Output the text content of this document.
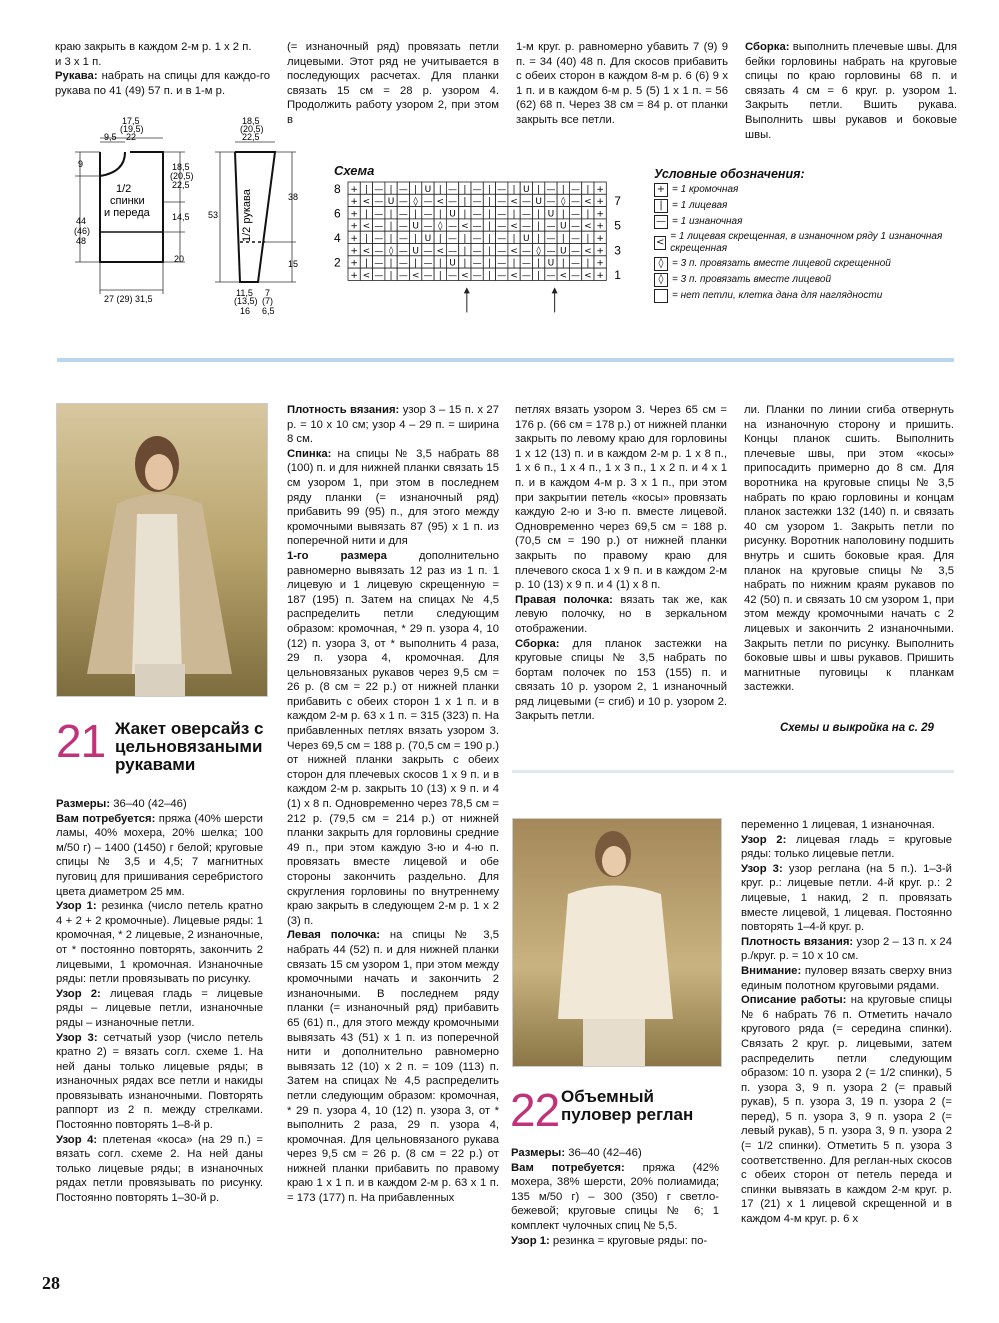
краю закрыть в каждом 2-м р. 1 x 2 п.

и 3 x 1 п.

Рукава: набрать на спицы для каждо-го рукава по 41 (49) 57 п. и в 1-м р.

(= изнаночный ряд) провязать петли лицевыми. Этот ряд не учитывается в последующих расчетах. Для планки связать 15 см = 28 р. узором 4. Продолжить работу узором 2, при этом в

1-м круг. р. равномерно убавить 7 (9) 9 п. = 34 (40) 48 п. Для скосов прибавить с обеих сторон в каждом 8-м р. 6 (6) 9 x 1 п. и в каждом 6-м р. 5 (5) 1 x 1 п. = 56 (62) 68 п. Через 38 см = 84 р. от планки закрыть все петли.

Сборка: выполнить плечевые швы. Для бейки горловины набрать на круговые спицы по краю горловины 68 п. и связать 4 см = 6 круг. р. узором 1. Закрыть петли. Вшить рукава. Выполнить швы рукавов и боковые швы.

17,5
(19,5)
22
9,5
9	18,5
(20,5)
22,5
14,5
44
(46)
48
20
27 (29) 31,5
1/2
спинки
и переда
18,5
(20,5)
22,5
53
38
15
11,5
(13,5)
16
7
(7)
6,5
1/2 рукава
Схема
+ | — | — | U | — | — | — | U | — | — | +
+ < — U — ◊ — < — | — | — < — U — ◊ — < +
+ | — | — | — | U | — | — | — | U | — | +
+ < — | — U — ◊ — < — | — < — | — U — < +
+ | — | — | U | — | — | — | U | — | — | +
+ < — ◊ — U — < — | — | — < — ◊ — U — < +
+ | — | — | — | U | — | — | — | U | — | +
+ < — | — < — | — < — | — < — | — < — < +
8
6
4
2
7
5
3
1
Условные обозначения:
+ = 1 кромочная
| = 1 лицевая
— = 1 изнаночная
<
= 1 лицевая скрещенная, в изнаночном ряду 1 изнаночная скрещенная
◊ = 3 п. провязать вместе лицевой скрещенной
◊ = 3 п. провязать вместе лицевой
= нет петли, клетка дана для наглядности
21 Жакет оверсайз с цельновязаными рукавами

Размеры: 36–40 (42–46)

Вам потребуется: пряжа (40% шерсти ламы, 40% мохера, 20% шелка; 100 м/50 г) – 1400 (1450) г белой; круговые спицы № 3,5 и 4,5; 7 магнитных пуговиц для пришивания серебристого цвета диаметром 25 мм.

Узор 1: резинка (число петель кратно 4 + 2 + 2 кромочные). Лицевые ряды: 1 кромочная, * 2 лицевые, 2 изнаночные, от * постоянно повторять, закончить 2 лицевыми, 1 кромочная. Изнаночные ряды: петли провязывать по рисунку.

Узор 2: лицевая гладь = лицевые ряды – лицевые петли, изнаночные ряды – изнаночные петли.

Узор 3: сетчатый узор (число петель кратно 2) = вязать согл. схеме 1. На ней даны только лицевые ряды; в изнаночных рядах все петли и накиды провязывать изнаночными. Повторять раппорт из 2 п. между стрелками. Постоянно повторять 1–8-й р.

Узор 4: плетеная «коса» (на 29 п.) = вязать согл. схеме 2. На ней даны только лицевые ряды; в изнаночных рядах петли провязывать по рисунку. Постоянно повторять 1–30-й р.

Плотность вязания: узор 3 – 15 п. x 27 р. = 10 x 10 см; узор 4 – 29 п. = ширина 8 см.

Спинка: на спицы № 3,5 набрать 88 (100) п. и для нижней планки связать 15 см узором 1, при этом в последнем ряду планки (= изнаночный ряд) прибавить 99 (95) п., для этого между кромочными вывязать 87 (95) x 1 п. из поперечной нити и для

1-го размера дополнительно равномерно вывязать 12 раз из 1 п. 1 лицевую и 1 лицевую скрещенную = 187 (195) п. Затем на спицах № 4,5 распределить петли следующим образом: кромочная, * 29 п. узора 4, 10 (12) п. узора 3, от * выполнить 4 раза, 29 п. узора 4, кромочная. Для цельновязаных рукавов через 9,5 см = 26 р. (8 см = 22 р.) от нижней планки прибавить с обеих сторон 1 x 1 п. и в каждом 2-м р. 63 x 1 п. = 315 (323) п. На прибавленных петлях вязать узором 3. Через 69,5 см = 188 р. (70,5 см = 190 р.) от нижней планки закрыть с обеих сторон для плечевых скосов 1 x 9 п. и в каждом 2-м р. закрыть 10 (13) x 9 п. и 4 (1) x 8 п. Одновременно через 78,5 см = 212 р. (79,5 см = 214 р.) от нижней планки закрыть для горловины средние 49 п., при этом каждую 3-ю и 4-ю п. провязать вместе лицевой и обе стороны закончить раздельно. Для скругления горловины по внутреннему краю закрыть в следующем 2-м р. 1 x 2 (3) п.

Левая полочка: на спицы № 3,5 набрать 44 (52) п. и для нижней планки связать 15 см узором 1, при этом между кромочными начать и закончить 2 изнаночными. В последнем ряду планки (= изнаночный ряд) прибавить 65 (61) п., для этого между кромочными вывязать 43 (51) x 1 п. из поперечной нити и дополнительно равномерно вывязать 12 (10) x 2 п. = 109 (113) п. Затем на спицах № 4,5 распределить петли следующим образом: кромочная, * 29 п. узора 4, 10 (12) п. узора 3, от * выполнить 2 раза, 29 п. узора 4, кромочная. Для цельновязаного рукава через 9,5 см = 26 р. (8 см = 22 р.) от нижней планки прибавить по правому краю 1 x 1 п. и в каждом 2-м р. 63 x 1 п. = 173 (177) п. На прибавленных

петлях вязать узором 3. Через 65 см = 176 р. (66 см = 178 р.) от нижней планки закрыть по левому краю для горловины 1 x 12 (13) п. и в каждом 2-м р. 1 x 8 п., 1 x 6 п., 1 x 4 п., 1 x 3 п., 1 x 2 п. и 4 x 1 п. и в каждом 4-м р. 3 x 1 п., при этом при закрытии петель «косы» провязать каждую 2-ю и 3-ю п. вместе лицевой. Одновременно через 69,5 см = 188 р. (70,5 см = 190 р.) от нижней планки закрыть по правому краю для плечевого скоса 1 x 9 п. и в каждом 2-м р. 10 (13) x 9 п. и 4 (1) x 8 п.

Правая полочка: вязать так же, как левую полочку, но в зеркальном отображении.

Сборка: для планок застежки на круговые спицы № 3,5 набрать по бортам полочек по 153 (155) п. и связать 10 р. узором 2, 1 изнаночный ряд лицевыми (= сгиб) и 10 р. узором 2. Закрыть петли.

ли. Планки по линии сгиба отвернуть на изнаночную сторону и пришить. Концы планок сшить. Выполнить плечевые швы, при этом «косы» припосадить примерно до 8 см. Для воротника на круговые спицы № 3,5 набрать по краю горловины и концам планок застежки 132 (140) п. и связать 40 см узором 1. Закрыть петли по рисунку. Воротник наполовину подшить внутрь и сшить боковые края. Для планок на круговые спицы № 3,5 набрать по нижним краям рукавов по 42 (50) п. и связать 10 см узором 1, при этом между кромочными начать с 2 лицевых и закончить 2 изнаночными. Закрыть петли по рисунку. Выполнить боковые швы и швы рукавов. Пришить магнитные пуговицы к планкам застежки.

Схемы и выкройка на с. 29
22 Объемный пуловер реглан

Размеры: 36–40 (42–46)

Вам потребуется: пряжа (42% мохера, 38% шерсти, 20% полиамида; 135 м/50 г) – 300 (350) г светло-бежевой; круговые спицы № 6; 1 комплект чулочных спиц № 5,5.

Узор 1: резинка = круговые ряды: по-

переменно 1 лицевая, 1 изнаночная.

Узор 2: лицевая гладь = круговые ряды: только лицевые петли.

Узор 3: узор реглана (на 5 п.). 1–3-й круг. р.: лицевые петли. 4-й круг. р.: 2 лицевые, 1 накид, 2 п. провязать вместе лицевой, 1 лицевая. Постоянно повторять 1–4-й круг. р.

Плотность вязания: узор 2 – 13 п. x 24 р./круг. р. = 10 x 10 см.

Внимание: пуловер вязать сверху вниз единым полотном круговыми рядами.

Описание работы: на круговые спицы № 6 набрать 76 п. Отметить начало кругового ряда (= середина спинки). Связать 2 круг. р. лицевыми, затем распределить петли следующим образом: 10 п. узора 2 (= 1/2 спинки), 5 п. узора 3, 9 п. узора 2 (= правый рукав), 5 п. узора 3, 19 п. узора 2 (= перед), 5 п. узора 3, 9 п. узора 2 (= левый рукав), 5 п. узора 3, 9 п. узора 2 (= 1/2 спинки). Отметить 5 п. узора 3 соответственно. Для реглан-ных скосов с обеих сторон от петель переда и спинки вывязать в каждом 2-м круг. р. 17 (21) x 1 лицевой скрещенной и в каждом 4-м круг. р. 6 x

28
